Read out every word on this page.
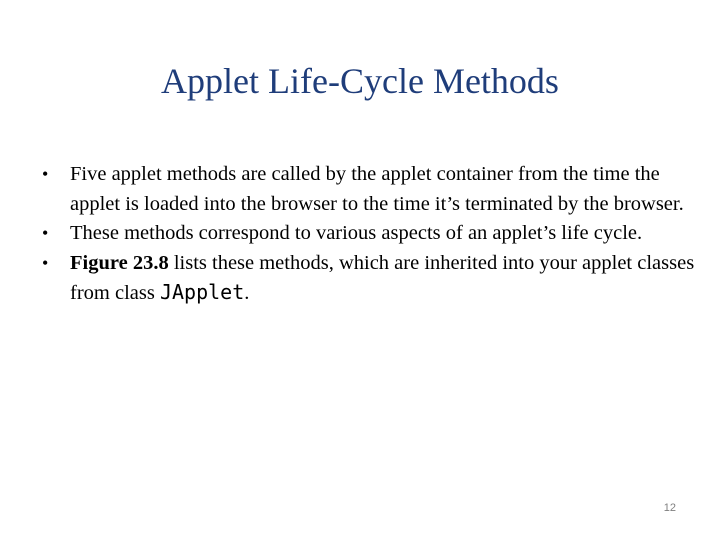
Applet Life-Cycle Methods
• Five applet methods are called by the applet container from the time the applet is loaded into the browser to the time it’s terminated by the browser.
• These methods correspond to various aspects of an applet’s life cycle.
• Figure 23.8 lists these methods, which are inherited into your applet classes from class JApplet.
12
